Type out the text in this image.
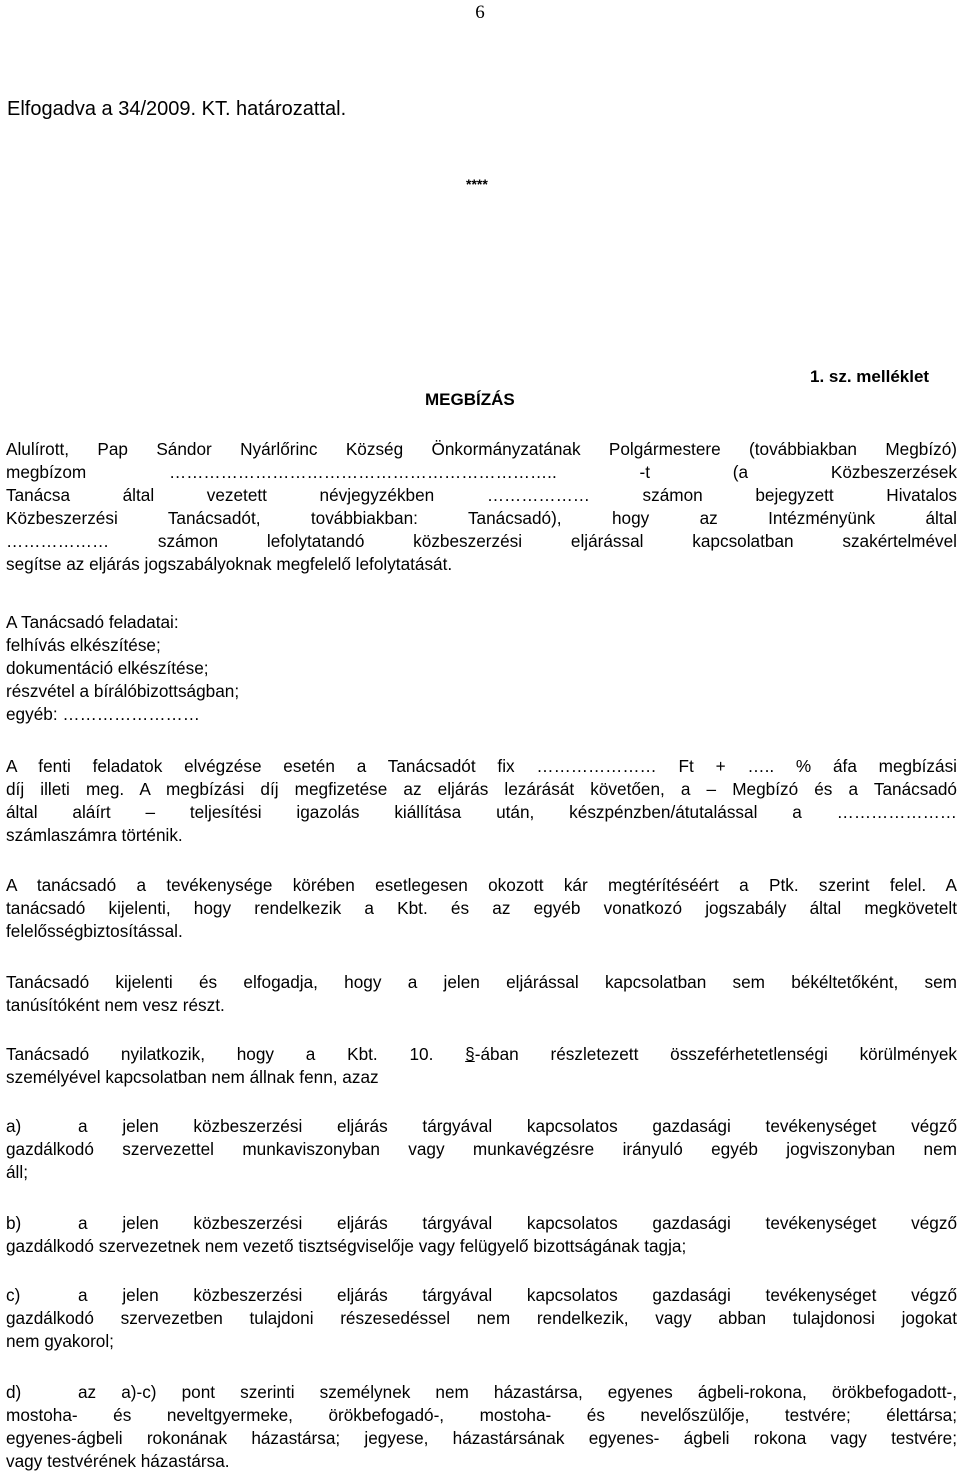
6
Elfogadva a 34/2009. KT. határozattal.
****
1. sz. melléklet
MEGBÍZÁS
Alulírott, Pap Sándor Nyárlőrinc Község Önkormányzatának Polgármestere (továbbiakban Megbízó)
megbízom ………………………………………………………….. -t (a Közbeszerzések
Tanácsa által vezetett névjegyzékben ……………… számon bejegyzett Hivatalos
Közbeszerzési Tanácsadót, továbbiakban: Tanácsadó), hogy az Intézményünk által
……………… számon lefolytatandó közbeszerzési eljárással kapcsolatban szakértelmével
segítse az eljárás jogszabályoknak megfelelő lefolytatását.
A Tanácsadó feladatai:
felhívás elkészítése;
dokumentáció elkészítése;
részvétel a bírálóbizottságban;
egyéb: ……………………
A fenti feladatok elvégzése esetén a Tanácsadót fix ………………… Ft + ….. % áfa megbízási
díj illeti meg. A megbízási díj megfizetése az eljárás lezárását követően, a – Megbízó és a Tanácsadó
által aláírt – teljesítési igazolás kiállítása után, készpénzben/átutalással a …………………
számlaszámra történik.
A tanácsadó a tevékenysége körében esetlegesen okozott kár megtérítéséért a Ptk. szerint felel. A
tanácsadó kijelenti, hogy rendelkezik a Kbt. és az egyéb vonatkozó jogszabály által megkövetelt
felelősségbiztosítással.
Tanácsadó kijelenti és elfogadja, hogy a jelen eljárással kapcsolatban sem békéltetőként, sem
tanúsítóként nem vesz részt.
Tanácsadó nyilatkozik, hogy a Kbt. 10. §-ában részletezett összeférhetetlenségi körülmények
személyével kapcsolatban nem állnak fenn, azaz
a)	a jelen közbeszerzési eljárás tárgyával kapcsolatos gazdasági tevékenységet végző
gazdálkodó szervezettel munkaviszonyban vagy munkavégzésre irányuló egyéb jogviszonyban nem
áll;
b)	a jelen közbeszerzési eljárás tárgyával kapcsolatos gazdasági tevékenységet végző
gazdálkodó szervezetnek nem vezető tisztségviselője vagy felügyelő bizottságának tagja;
c)	a jelen közbeszerzési eljárás tárgyával kapcsolatos gazdasági tevékenységet végző
gazdálkodó szervezetben tulajdoni részesedéssel nem rendelkezik, vagy abban tulajdonosi jogokat
nem gyakorol;
d)	az a)-c) pont szerinti személynek nem házastársa, egyenes ágbeli-rokona, örökbefogadott-,
mostoha- és neveltgyermeke, örökbefogadó-, mostoha- és nevelőszülője, testvére; élettársa;
egyenes-ágbeli rokonának házastársa; jegyese, házastársának egyenes- ágbeli rokona vagy testvére;
vagy testvérének házastársa.
